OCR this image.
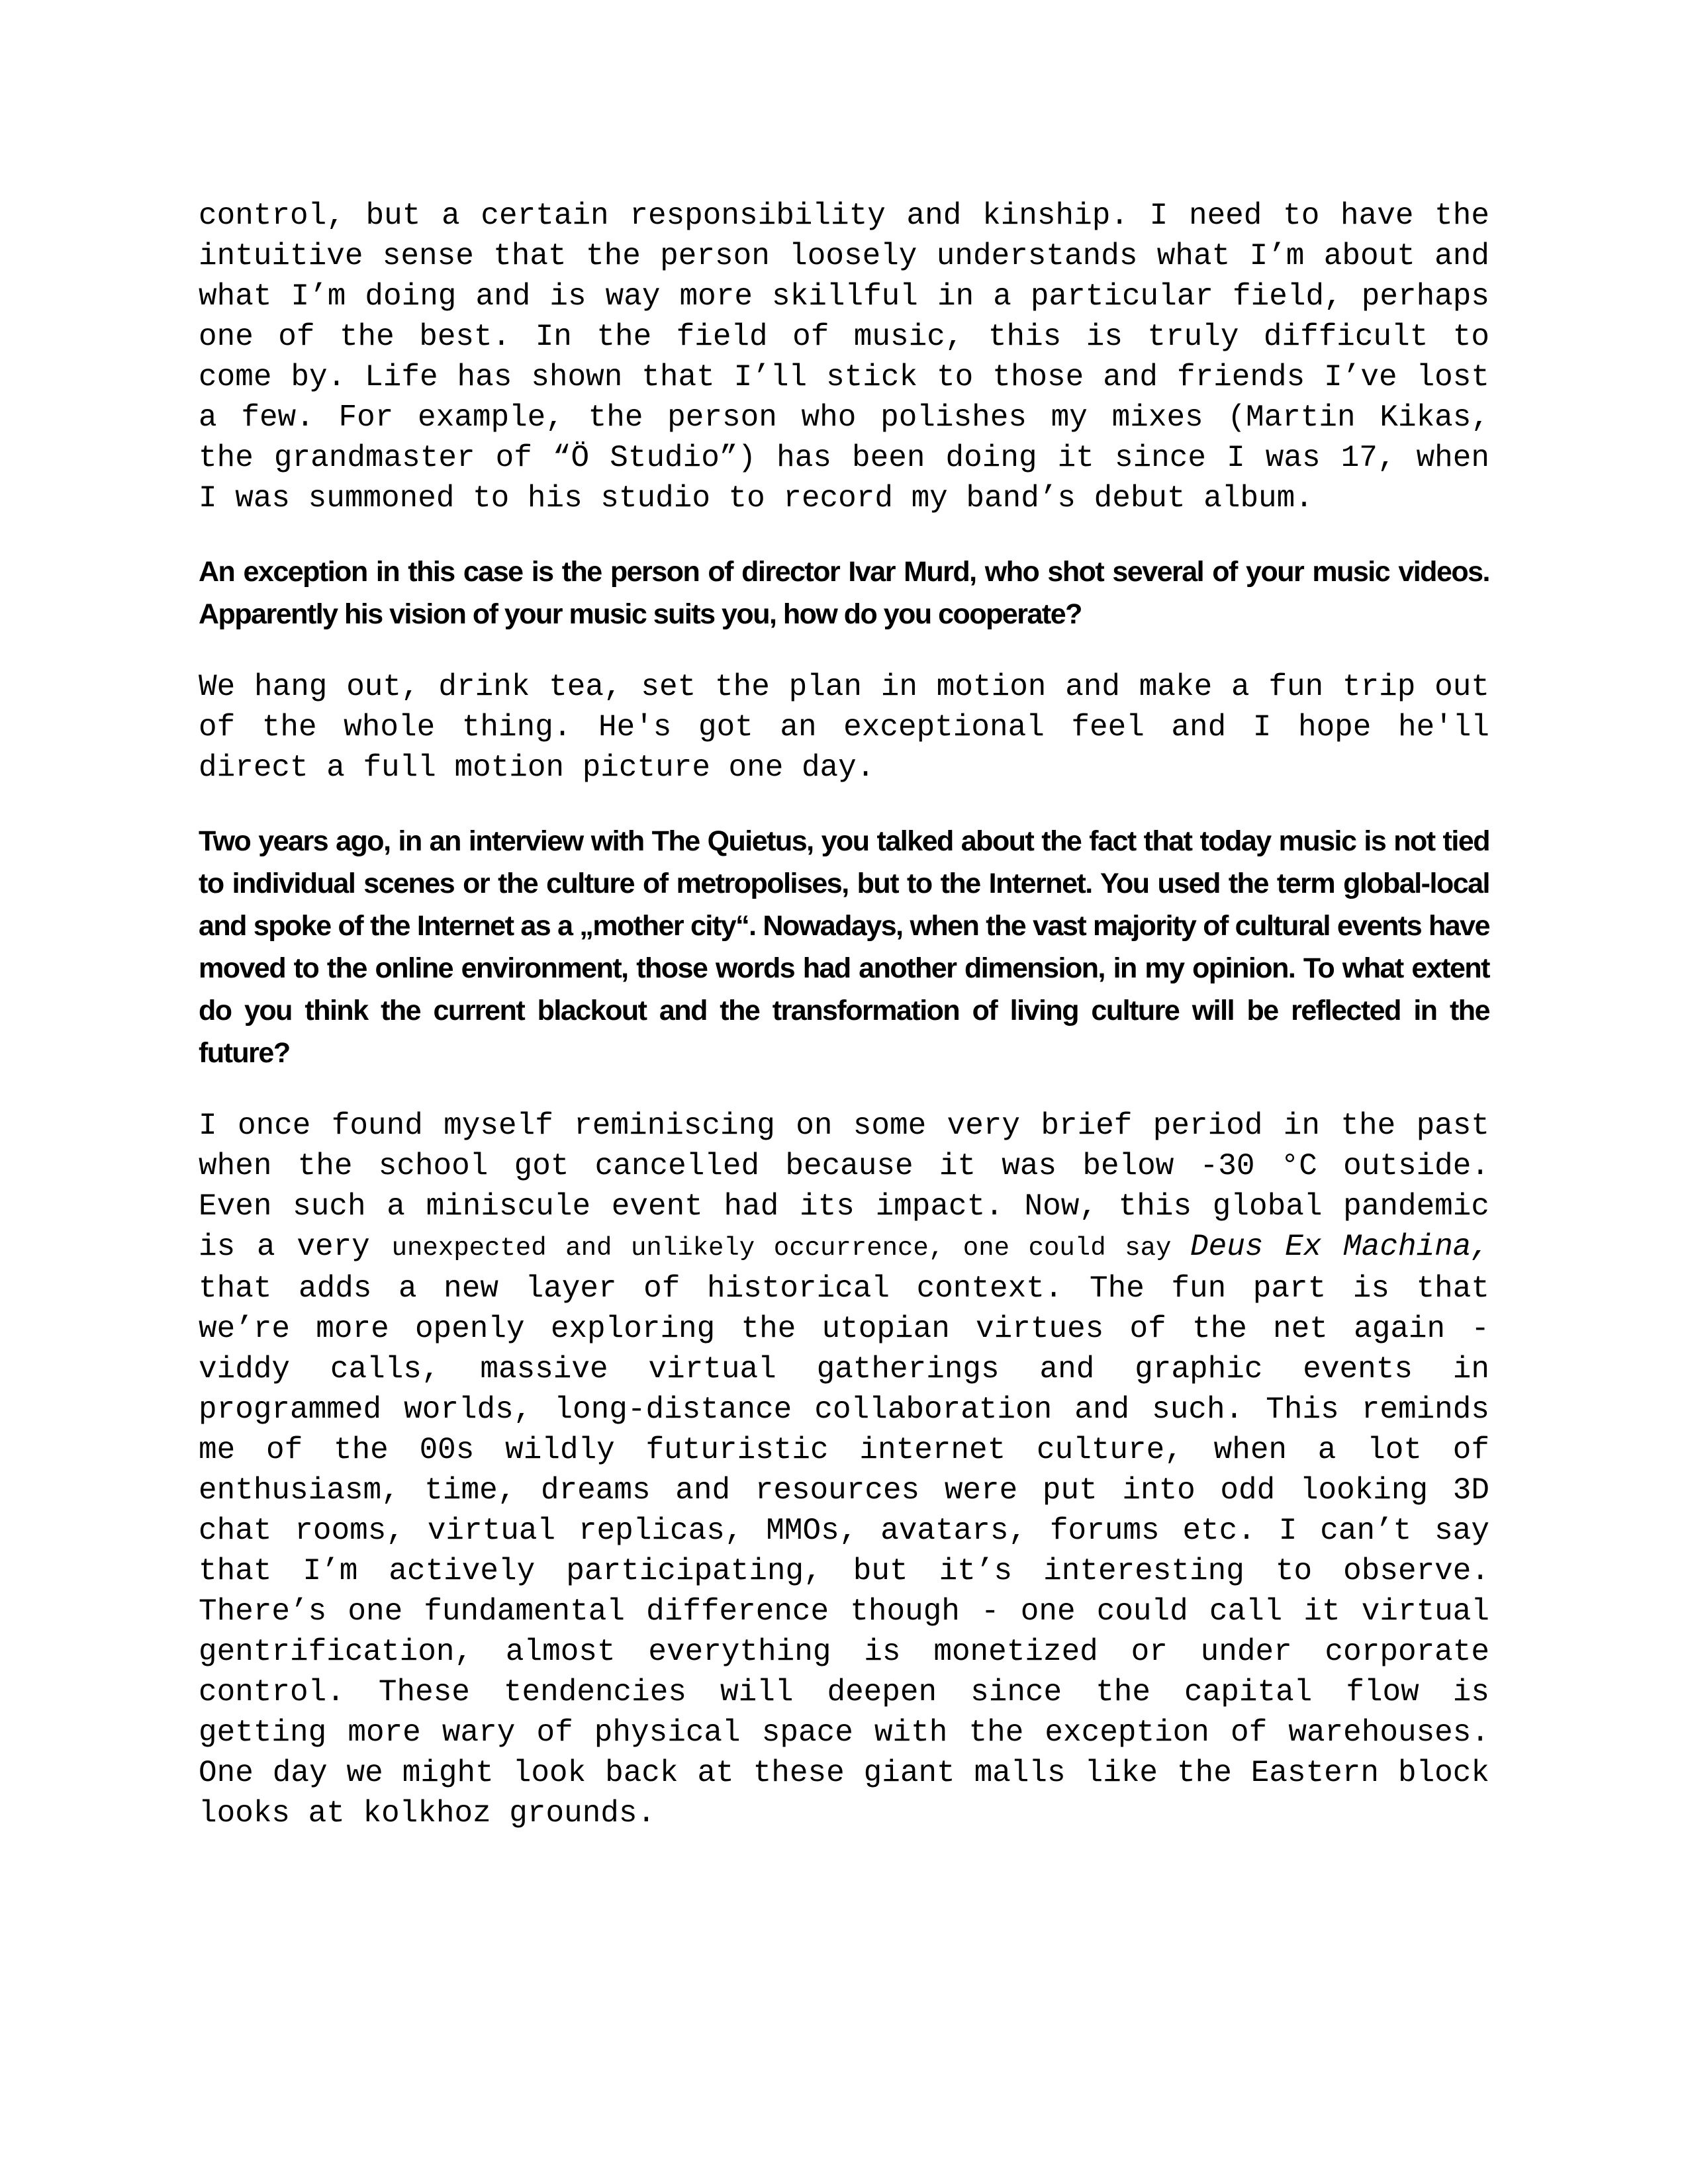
control, but a certain responsibility and kinship. I need to have the intuitive sense that the person loosely understands what I’m about and what I’m doing and is way more skillful in a particular field, perhaps one of the best. In the field of music, this is truly difficult to come by. Life has shown that I’ll stick to those and friends I’ve lost a few. For example, the person who polishes my mixes (Martin Kikas, the grandmaster of “Ö Studio”) has been doing it since I was 17, when I was summoned to his studio to record my band’s debut album.

An exception in this case is the person of director Ivar Murd, who shot several of your music videos. Apparently his vision of your music suits you, how do you cooperate?

We hang out, drink tea, set the plan in motion and make a fun trip out of the whole thing. He's got an exceptional feel and I hope he'll direct a full motion picture one day.

Two years ago, in an interview with The Quietus, you talked about the fact that today music is not tied to individual scenes or the culture of metropolises, but to the Internet. You used the term global-local and spoke of the Internet as a „mother city“. Nowadays, when the vast majority of cultural events have moved to the online environment, those words had another dimension, in my opinion. To what extent do you think the current blackout and the transformation of living culture will be reflected in the future?

I once found myself reminiscing on some very brief period in the past when the school got cancelled because it was below -30 °C outside. Even such a miniscule event had its impact. Now, this global pandemic is a very unexpected and unlikely occurrence, one could say Deus Ex Machina, that adds a new layer of historical context. The fun part is that we’re more openly exploring the utopian virtues of the net again - viddy calls, massive virtual gatherings and graphic events in programmed worlds, long-distance collaboration and such. This reminds me of the 00s wildly futuristic internet culture, when a lot of enthusiasm, time, dreams and resources were put into odd looking 3D chat rooms, virtual replicas, MMOs, avatars, forums etc. I can’t say that I’m actively participating, but it’s interesting to observe. There’s one fundamental difference though - one could call it virtual gentrification, almost everything is monetized or under corporate control. These tendencies will deepen since the capital flow is getting more wary of physical space with the exception of warehouses. One day we might look back at these giant malls like the Eastern block looks at kolkhoz grounds.
